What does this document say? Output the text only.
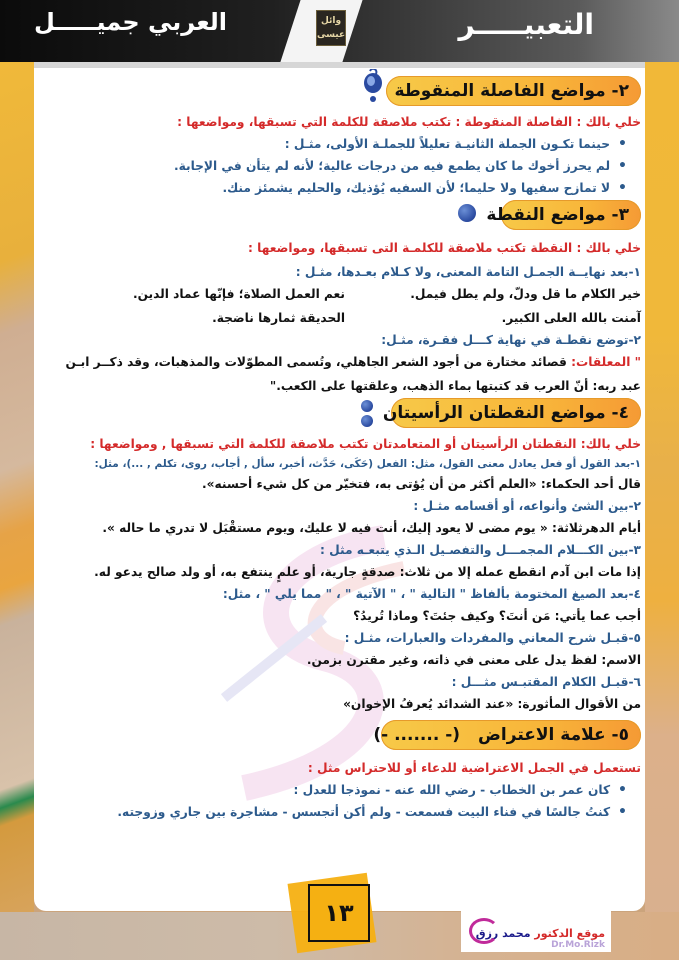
وائل عيسى	التعبيـــــر
العربي جميـــــل
٢- مواضع الفاصلة المنقوطة
خلي بالك : الفاصلة المنقوطة : تكتب ملاصقة للكلمة التي تسبقها، ومواضعها :
• حينما تكـون الجملة الثانيـة تعليلاً للجملـة الأولى، مثـل :
• لم يحرز أخوك ما كان يطمع فيه من درجات عالية؛ لأنه لم يتأن في الإجابة.
• لا تمازح سفيها ولا حليما؛ لأن السفيه يُؤذيك، والحليم يشمئز منك.
٣- مواضع النقطة
خلي بالك : النقطة تكتب ملاصقة للكلمـة التى تسبقها، ومواضعها :
١-بعد نهايــة الجمـل التامة المعنى، ولا كـلام بعـدها، مثـل :
خير الكلام ما قل ودلّ، ولم يطل فيمل.
نعم العمل الصلاة؛ فإنّها عماد الدين.
آمنت بالله العلى الكبير.
الحديقة ثمارها ناضجة.
٢-توضع نقطـة في نهاية كـــل فقـرة، مثـل:
" المعلقات: قصائد مختارة من أجود الشعر الجاهلي، وتُسمى المطوّلات والمذهبات، وقد ذكــر ابـن
عبد ربه: أنّ العرب قد كتبتها بماء الذهب، وعلقتها على الكعب."
٤- مواضع النقطتان الرأسيتان
خلي بالك: النقطتان الرأسيتان أو المتعامدتان تكتب ملاصقة للكلمة التي تسبقها , ومواضعها :
١-بعد القول أو فعل يعادل معنى القول، مثل: الفعل (حَكَى، حَدَّث، أخبر، سأل , أجاب، روى، تكلم , ...)، مثل:
قال أحد الحكماء: «العلم أكثر من أن يُؤتى به، فتخيّر من كل شيء أحسنه».
٢-بين الشئ وأنواعه، أو أقسامه مثـل :
أيام الدهرثلاثة: « يوم مضى لا يعود إليك، أنت فيه لا عليك، ويوم مستقْبَل لا تدري ما حاله ».
٣-بين الكـــلام المجمـــل والتفصـيل الـذي يتبعـه مثل :
إذا مات ابن آدم انقطع عمله إلا من ثلاث: صدقةٍ جارية، أو علمٍ ينتفع به، أو ولد صالح يدعو له.
٤-بعد الصيغ المختومة بألفاظ " التالية " ، " الآتية " ، " مما يلي " ، مثل:
أجب عما يأتي: مَن أنتَ؟ وكيف جئتَ؟ وماذا تُريدُ؟
٥-قبـل شرح المعاني والمفردات والعبارات، مثـل :
الاسم: لفظ يدل على معنى في ذاته، وغير مقترن بزمن.
٦-قبـل الكلام المقتبـس مثـــل :
من الأقوال المأثورة: «عند الشدائد يُعرفُ الإخوان»
٥- علامة الاعتراض
(- ....... -)
تستعمل في الجمل الاعتراضية للدعاء أو للاحتراس مثل :
• كان عمر بن الخطاب - رضي الله عنه - نموذجا للعدل :
• كنتُ جالسًا في فناء البيت فسمعت - ولم أكن أتجسس - مشاجرة بين جاري وزوجته.
١٣
موقع الدكتور محمد رزق
Dr.Mo.Rizk
